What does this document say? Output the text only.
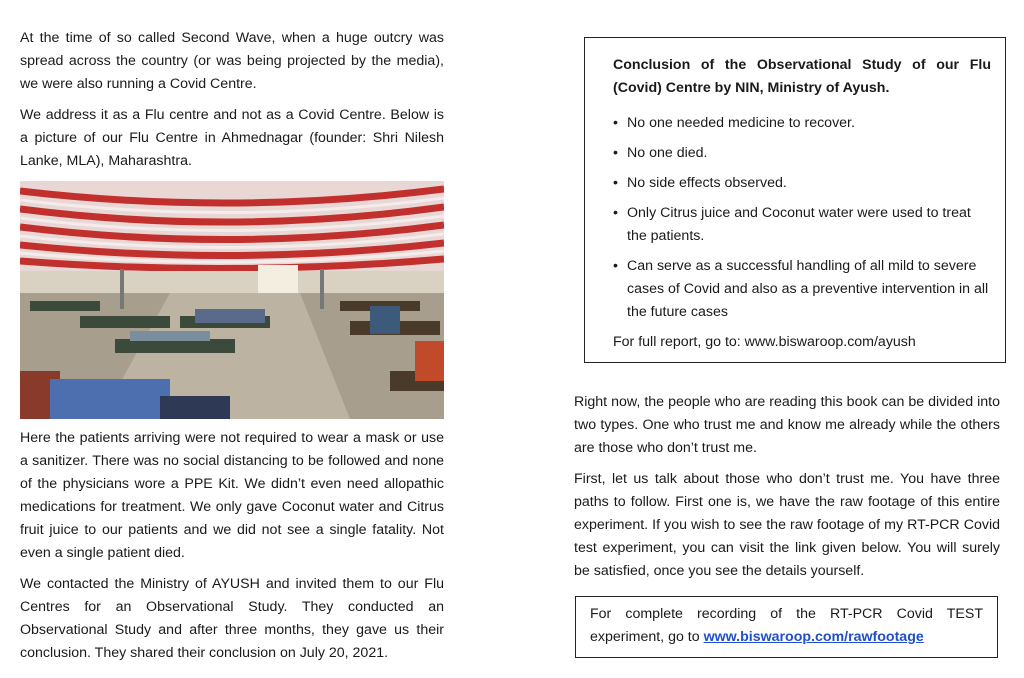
At the time of so called Second Wave, when a huge outcry was spread across the country (or was being projected by the media), we were also running a Covid Centre.

We address it as a Flu centre and not as a Covid Centre. Below is a picture of our Flu Centre in Ahmednagar (founder: Shri Nilesh Lanke, MLA), Maharashtra.

Here the patients arriving were not required to wear a mask or use a sanitizer. There was no social distancing to be followed and none of the physicians wore a PPE Kit. We didn’t even need allopathic medications for treatment. We only gave Coconut water and Citrus fruit juice to our patients and we did not see a single fatality. Not even a single patient died.

We contacted the Ministry of AYUSH and invited them to our Flu Centres for an Observational Study. They conducted an Observational Study and after three months, they gave us their conclusion. They shared their conclusion on July 20, 2021.

Conclusion of the Observational Study of our Flu (Covid) Centre by NIN, Ministry of Ayush.
• No one needed medicine to recover.
• No one died.
• No side effects observed.
• Only Citrus juice and Coconut water were used to treat the patients.
• Can serve as a successful handling of all mild to severe cases of Covid and also as a preventive intervention in all the future cases
For full report, go to: www.biswaroop.com/ayush

Right now, the people who are reading this book can be divided into two types. One who trust me and know me already while the others are those who don’t trust me.

First, let us talk about those who don’t trust me. You have three paths to follow. First one is, we have the raw footage of this entire experiment. If you wish to see the raw footage of my RT-PCR Covid test experiment, you can visit the link given below. You will surely be satisfied, once you see the details yourself.

For complete recording of the RT-PCR Covid TEST experiment, go to www.biswaroop.com/rawfootage
